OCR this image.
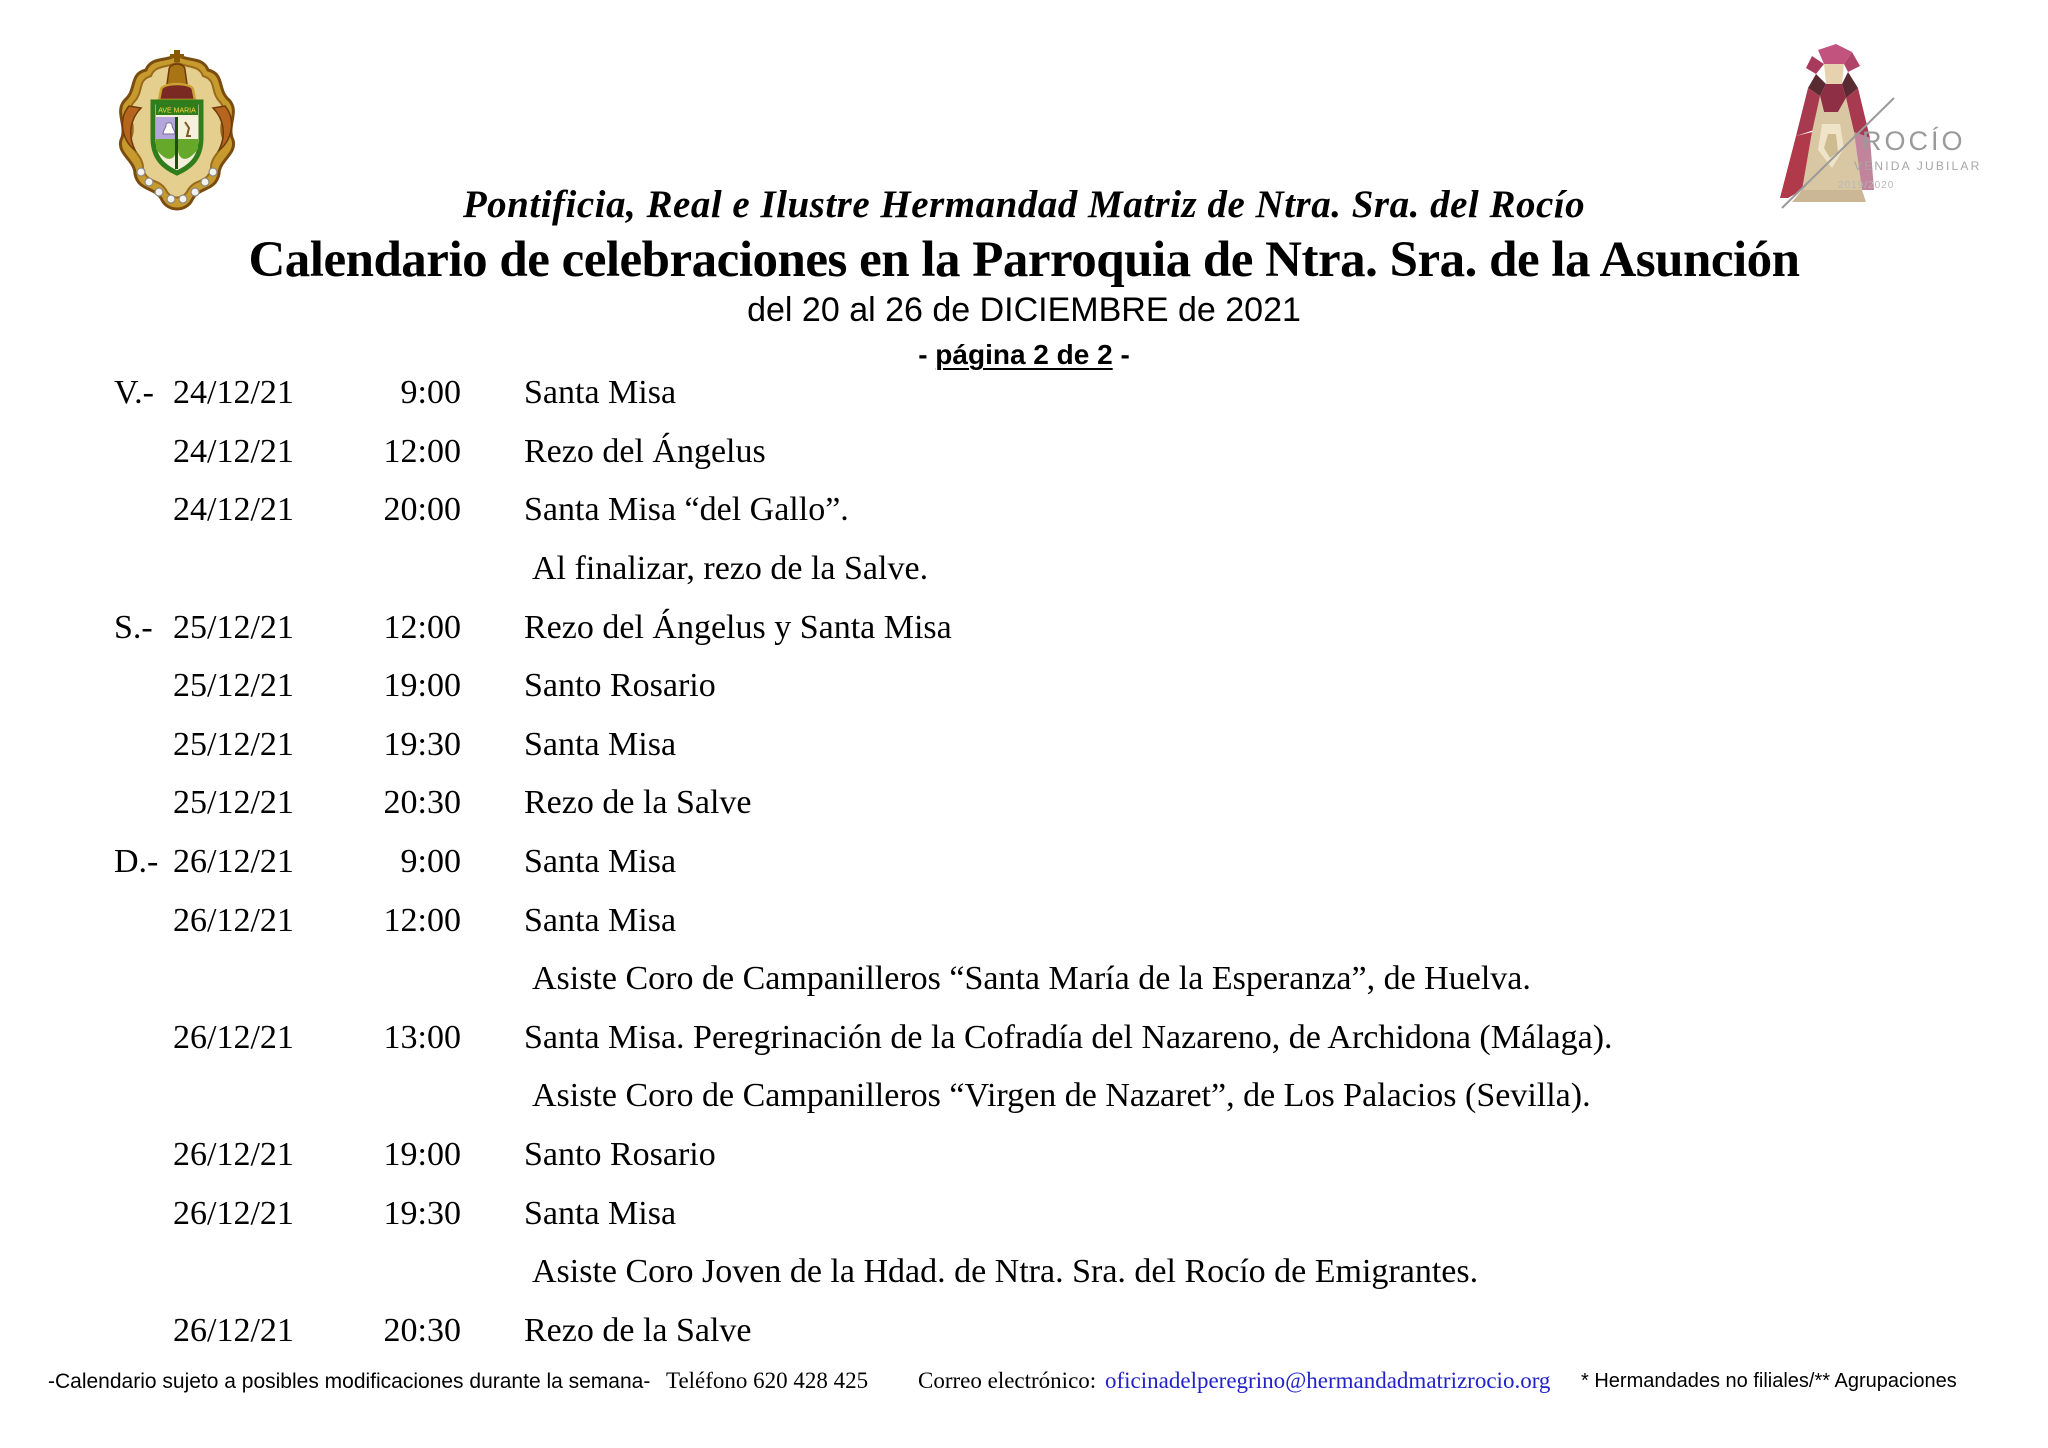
AVE MARIA
ROCÍO
VENIDA JUBILAR
2019/2020
Pontificia, Real e Ilustre Hermandad Matriz de Ntra. Sra. del Rocío
Calendario de celebraciones en la Parroquia de Ntra. Sra. de la Asunción
del 20 al 26 de DICIEMBRE de 2021
- página 2 de 2 -
V.- 24/12/21	9:00	Santa Misa
24/12/21	12:00	Rezo del Ángelus
24/12/21	20:00	Santa Misa “del Gallo”.
Al finalizar, rezo de la Salve.
S.- 25/12/21	12:00	Rezo del Ángelus y Santa Misa
25/12/21	19:00	Santo Rosario
25/12/21	19:30	Santa Misa
25/12/21	20:30	Rezo de la Salve
D.- 26/12/21	9:00	Santa Misa
26/12/21	12:00	Santa Misa
Asiste Coro de Campanilleros “Santa María de la Esperanza”, de Huelva.
26/12/21	13:00	Santa Misa. Peregrinación de la Cofradía del Nazareno, de Archidona (Málaga).
Asiste Coro de Campanilleros “Virgen de Nazaret”, de Los Palacios (Sevilla).
26/12/21	19:00	Santo Rosario
26/12/21	19:30	Santa Misa
Asiste Coro Joven de la Hdad. de Ntra. Sra. del Rocío de Emigrantes.
26/12/21	20:30	Rezo de la Salve
-Calendario sujeto a posibles modificaciones durante la semana- Teléfono 620 428 425 Correo electrónico: oficinadelperegrino@hermandadmatrizrocio.org * Hermandades no filiales/** Agrupaciones
